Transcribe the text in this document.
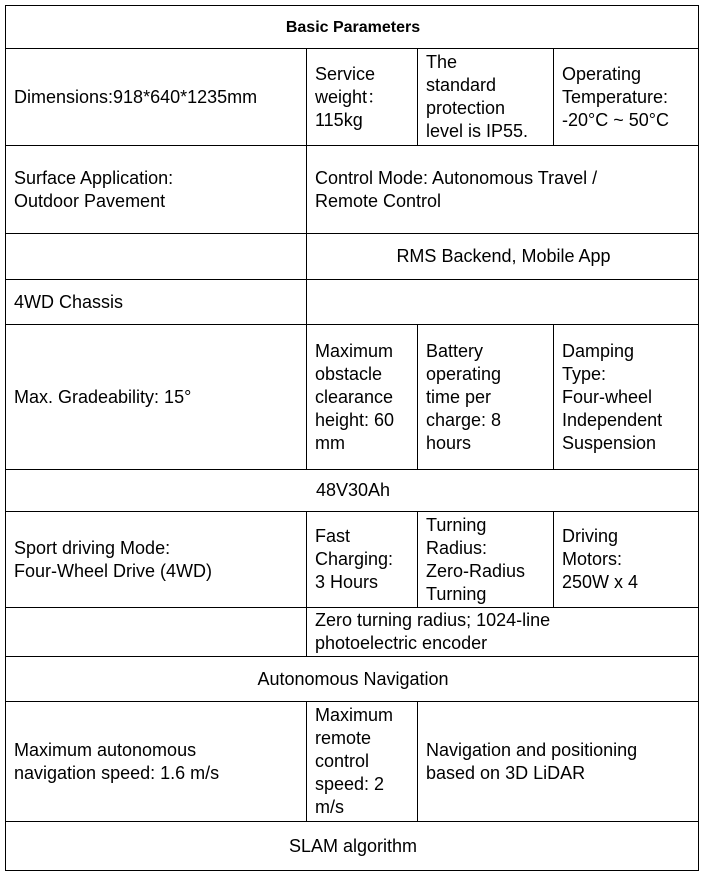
Basic Parameters
Dimensions:918*640*1235mm
Service
weight：
115kg
The
standard
protection
level is IP55.
Operating
Temperature:
-20°C ~ 50°C
Surface Application:
Outdoor Pavement
Control Mode: Autonomous Travel /
Remote Control
RMS Backend, Mobile App
4WD Chassis
Max. Gradeability: 15°
Maximum
obstacle
clearance
height: 60
mm
Battery
operating
time per
charge: 8
hours
Damping
Type:
Four-wheel
Independent
Suspension
48V30Ah
Sport driving Mode:
Four-Wheel Drive (4WD)
Fast
Charging:
3 Hours
Turning
Radius:
Zero-Radius
Turning
Driving
Motors:
250W x 4
Zero turning radius; 1024-line
photoelectric encoder
Autonomous Navigation
Maximum autonomous
navigation speed: 1.6 m/s
Maximum
remote
control
speed: 2
m/s
Navigation and positioning
based on 3D LiDAR
SLAM algorithm
